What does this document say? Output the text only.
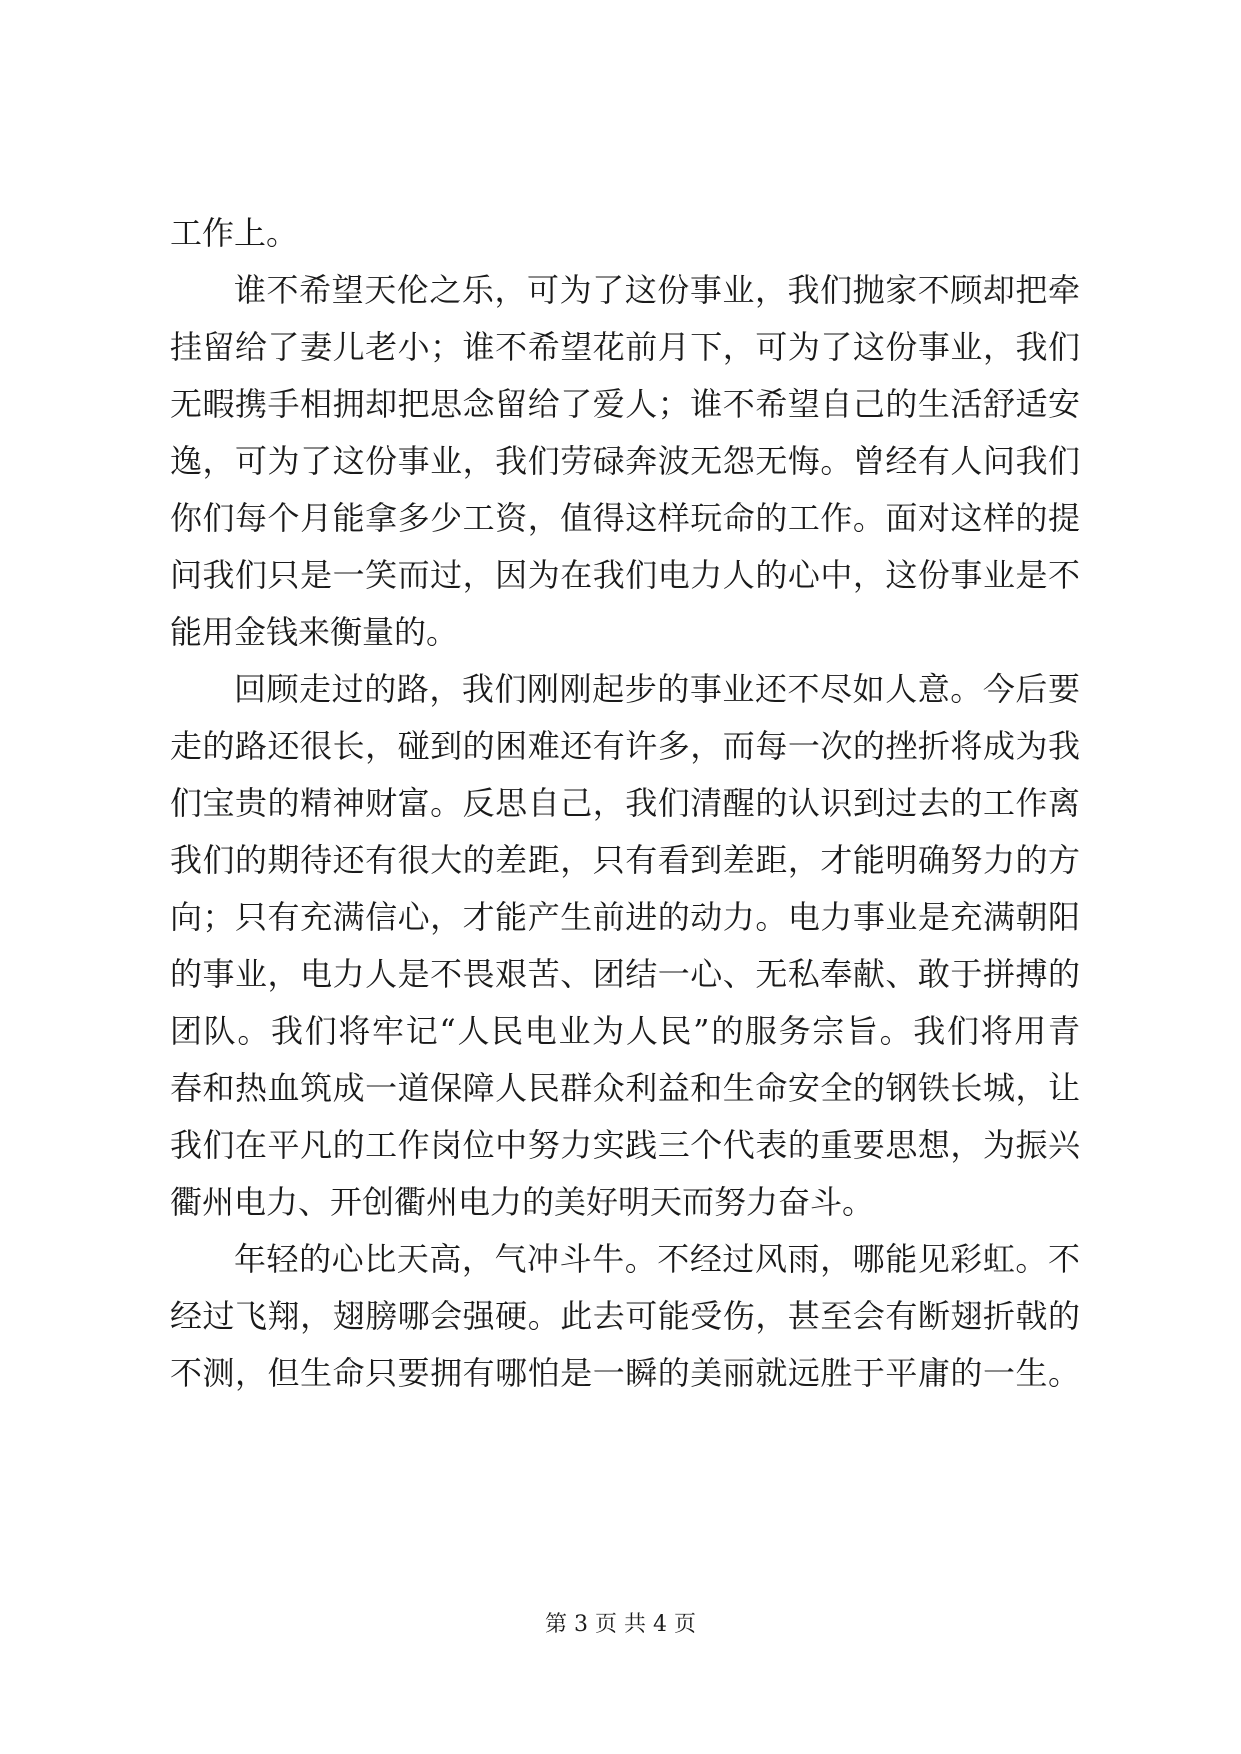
工作上。
谁不希望天伦之乐，可为了这份事业，我们抛家不顾却把牵
挂留给了妻儿老小；谁不希望花前月下，可为了这份事业，我们
无暇携手相拥却把思念留给了爱人；谁不希望自己的生活舒适安
逸，可为了这份事业，我们劳碌奔波无怨无悔。曾经有人问我们
你们每个月能拿多少工资，值得这样玩命的工作。面对这样的提
问我们只是一笑而过，因为在我们电力人的心中，这份事业是不
能用金钱来衡量的。
回顾走过的路，我们刚刚起步的事业还不尽如人意。今后要
走的路还很长，碰到的困难还有许多，而每一次的挫折将成为我
们宝贵的精神财富。反思自己，我们清醒的认识到过去的工作离
我们的期待还有很大的差距，只有看到差距，才能明确努力的方
向；只有充满信心，才能产生前进的动力。电力事业是充满朝阳
的事业，电力人是不畏艰苦、团结一心、无私奉献、敢于拼搏的
团队。我们将牢记“人民电业为人民”的服务宗旨。我们将用青
春和热血筑成一道保障人民群众利益和生命安全的钢铁长城，让
我们在平凡的工作岗位中努力实践三个代表的重要思想，为振兴
衢州电力、开创衢州电力的美好明天而努力奋斗。
年轻的心比天高，气冲斗牛。不经过风雨，哪能见彩虹。不
经过飞翔，翅膀哪会强硬。此去可能受伤，甚至会有断翅折戟的
不测，但生命只要拥有哪怕是一瞬的美丽就远胜于平庸的一生。
第 3 页 共 4 页
